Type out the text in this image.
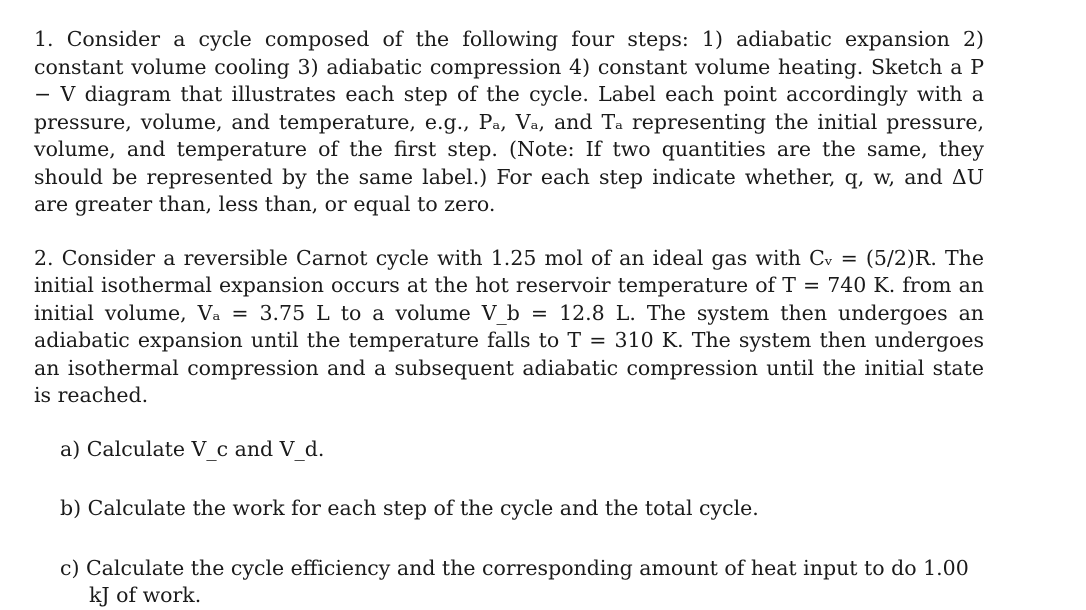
1. Consider a cycle composed of the following four steps: 1) adiabatic expansion 2) constant volume cooling 3) adiabatic compression 4) constant volume heating. Sketch a P − V diagram that illustrates each step of the cycle. Label each point accordingly with a pressure, volume, and temperature, e.g., Pₐ, Vₐ, and Tₐ representing the initial pressure, volume, and temperature of the first step. (Note: If two quantities are the same, they should be represented by the same label.) For each step indicate whether, q, w, and ΔU are greater than, less than, or equal to zero.

2. Consider a reversible Carnot cycle with 1.25 mol of an ideal gas with Cᵥ = (5/2)R. The initial isothermal expansion occurs at the hot reservoir temperature of T = 740 K. from an initial volume, Vₐ = 3.75 L to a volume V_b = 12.8 L. The system then undergoes an adiabatic expansion until the temperature falls to T = 310 K. The system then undergoes an isothermal compression and a subsequent adiabatic compression until the initial state is reached.

a) Calculate V_c and V_d.

b) Calculate the work for each step of the cycle and the total cycle.

c) Calculate the cycle efficiency and the corresponding amount of heat input to do 1.00 kJ of work.
